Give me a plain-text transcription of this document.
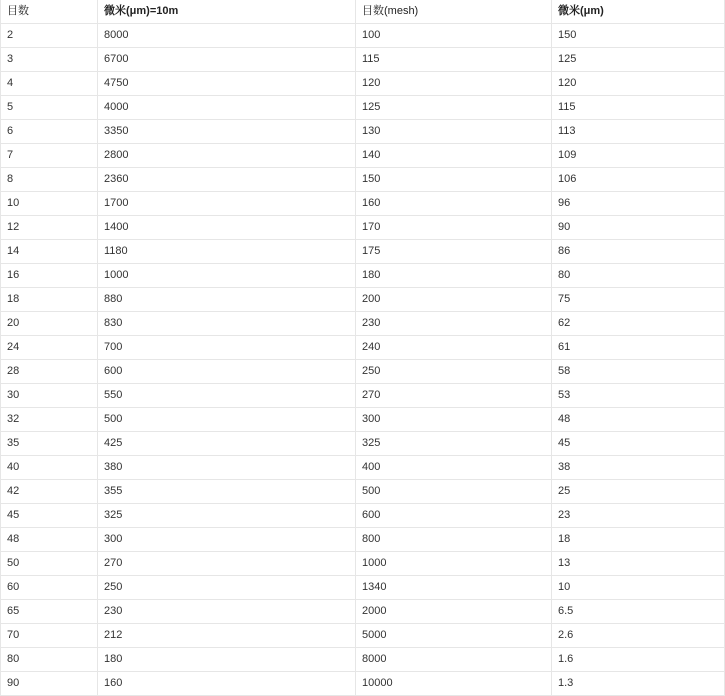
目数	微米(μm)=10m	目数(mesh)	微米(μm)
2	8000	100	150
3	6700	115	125
4	4750	120	120
5	4000	125	115
6	3350	130	113
7	2800	140	109
8	2360	150	106
10	1700	160	96
12	1400	170	90
14	1180	175	86
16	1000	180	80
18	880	200	75
20	830	230	62
24	700	240	61
28	600	250	58
30	550	270	53
32	500	300	48
35	425	325	45
40	380	400	38
42	355	500	25
45	325	600	23
48	300	800	18
50	270	1000	13
60	250	1340	10
65	230	2000	6.5
70	212	5000	2.6
80	180	8000	1.6
90	160	10000	1.3
